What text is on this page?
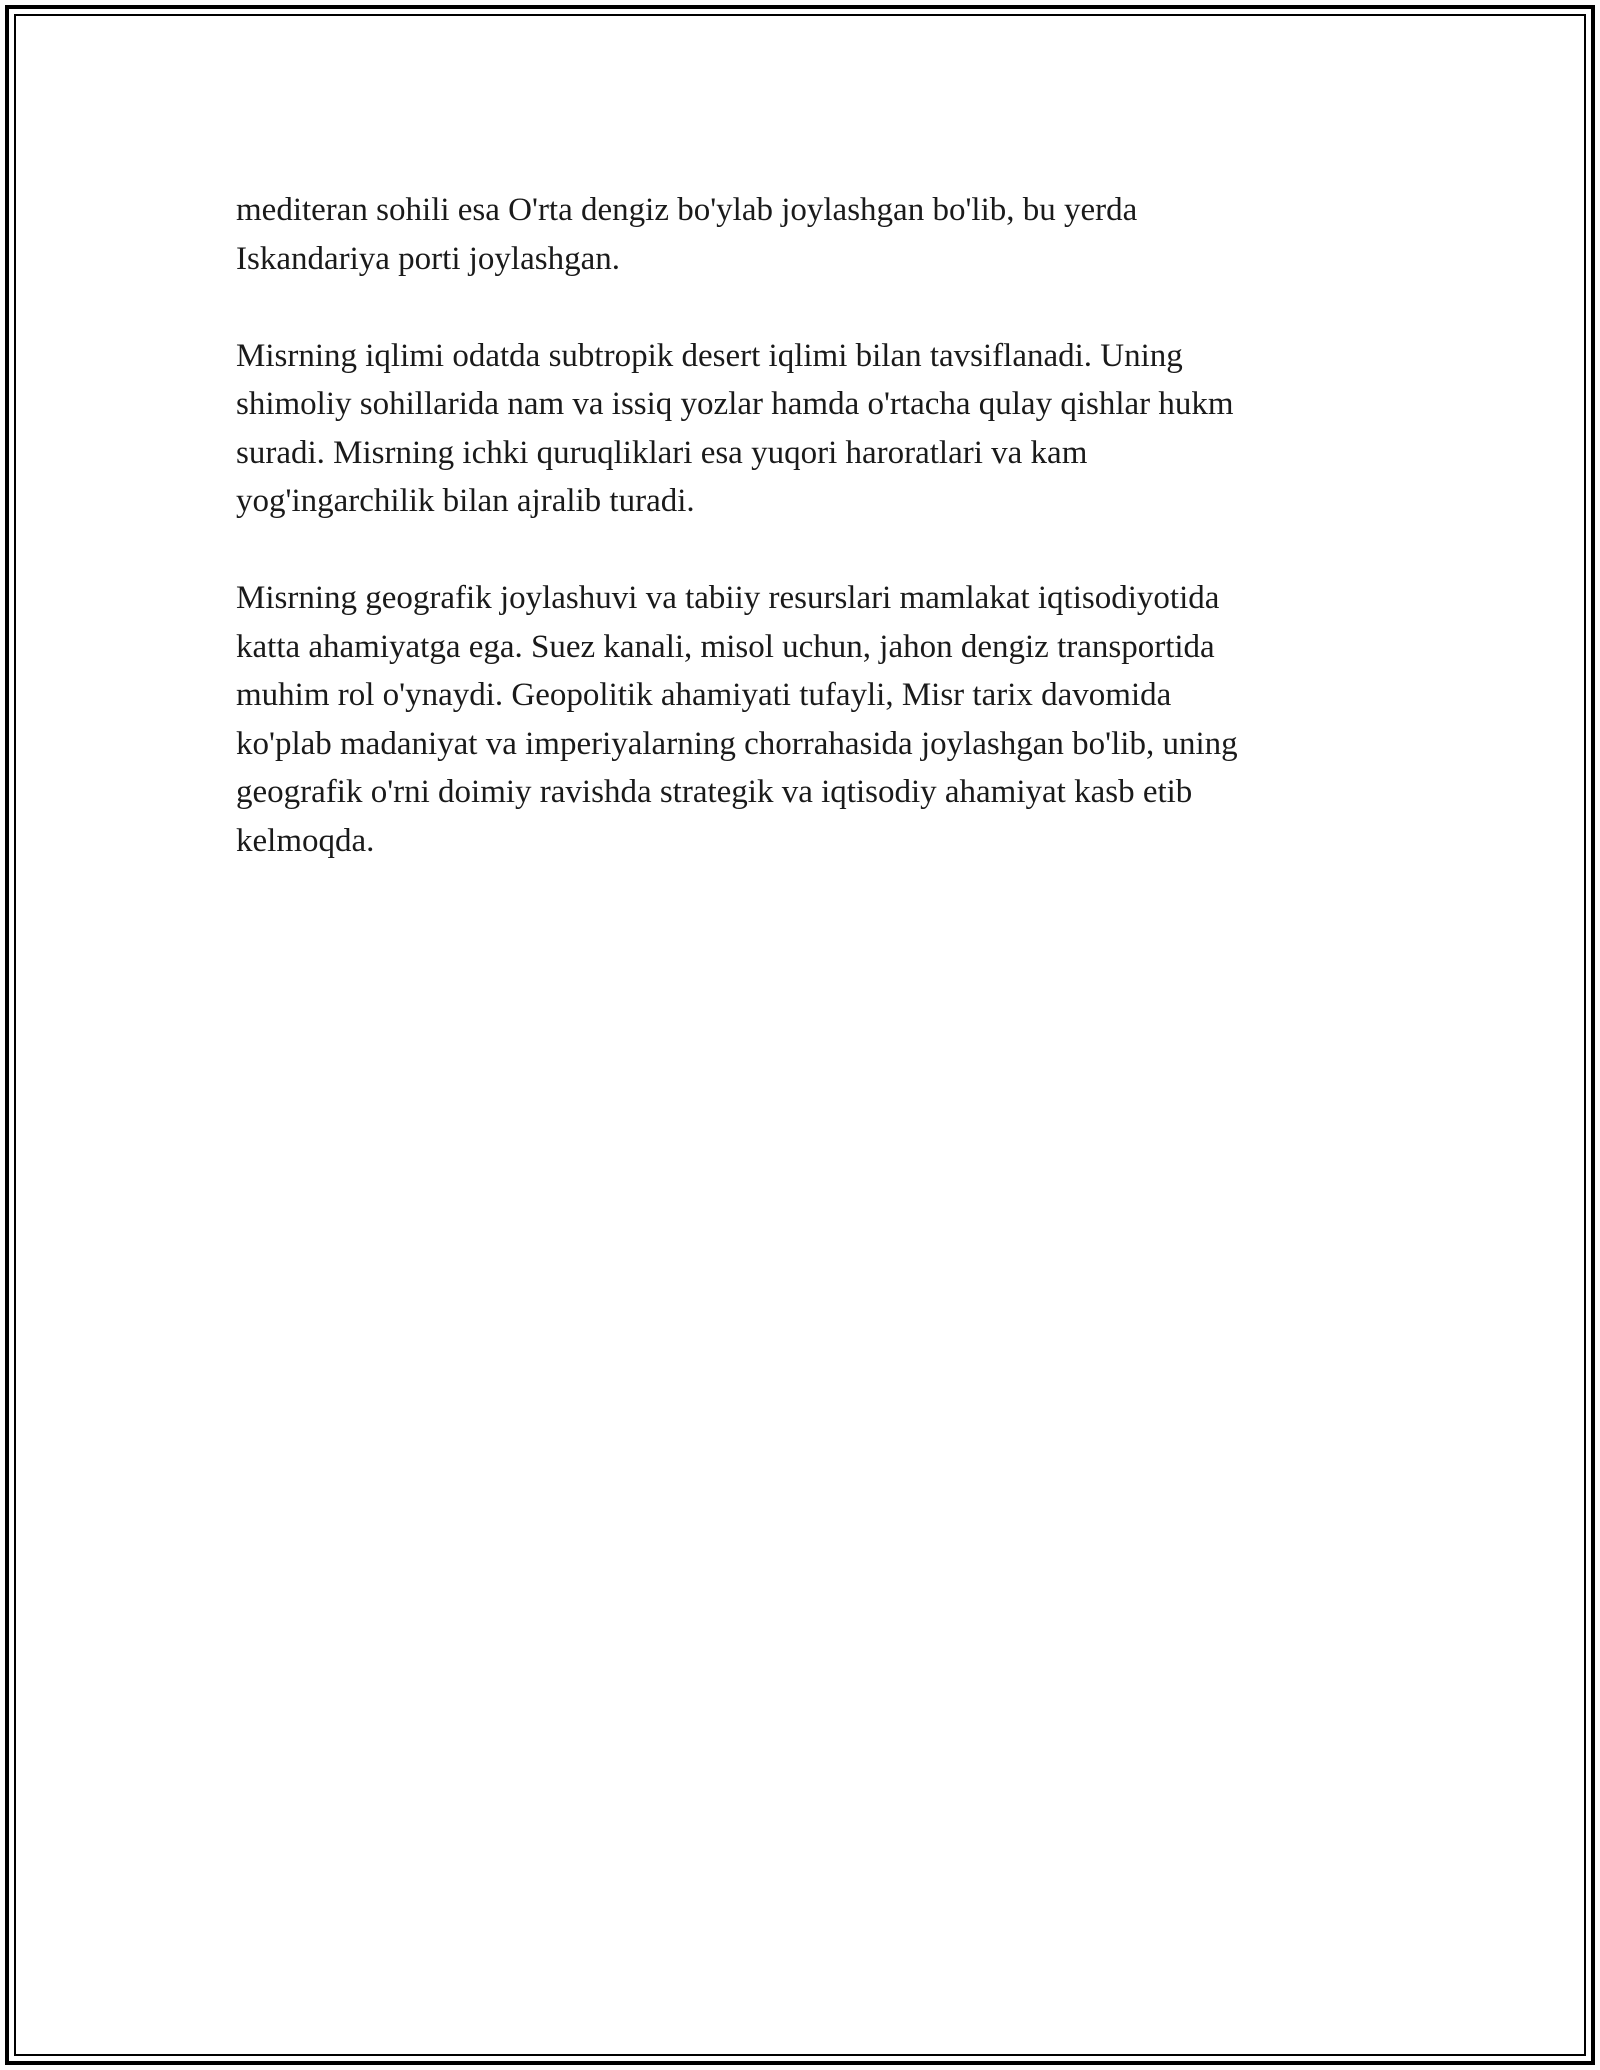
mediteran sohili esa O'rta dengiz bo'ylab joylashgan bo'lib, bu yerda
Iskandariya porti joylashgan.

Misrning iqlimi odatda subtropik desert iqlimi bilan tavsiflanadi. Uning
shimoliy sohillarida nam va issiq yozlar hamda o'rtacha qulay qishlar hukm
suradi. Misrning ichki quruqliklari esa yuqori haroratlari va kam
yog'ingarchilik bilan ajralib turadi.

Misrning geografik joylashuvi va tabiiy resurslari mamlakat iqtisodiyotida
katta ahamiyatga ega. Suez kanali, misol uchun, jahon dengiz transportida
muhim rol o'ynaydi. Geopolitik ahamiyati tufayli, Misr tarix davomida
ko'plab madaniyat va imperiyalarning chorrahasida joylashgan bo'lib, uning
geografik o'rni doimiy ravishda strategik va iqtisodiy ahamiyat kasb etib
kelmoqda.
